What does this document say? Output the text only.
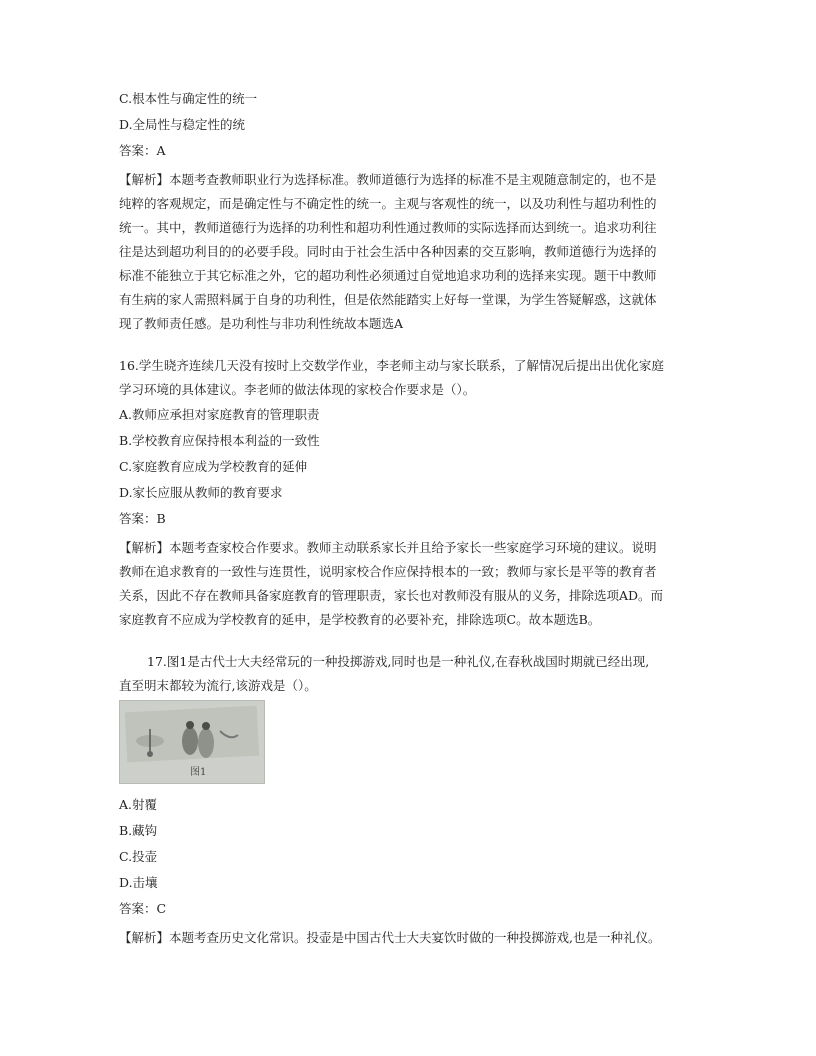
C.根本性与确定性的统一

D.全局性与稳定性的统

答案：A

【解析】本题考查教师职业行为选择标准。教师道德行为选择的标准不是主观随意制定的，也不是

纯粹的客观规定，而是确定性与不确定性的统一。主观与客观性的统一，以及功利性与超功利性的

统一。其中，教师道德行为选择的功利性和超功利性通过教师的实际选择而达到统一。追求功利往

往是达到超功利目的的必要手段。同时由于社会生活中各种因素的交互影响，教师道德行为选择的

标准不能独立于其它标准之外，它的超功利性必须通过自觉地追求功利的选择来实现。题干中教师

有生病的家人需照料属于自身的功利性，但是依然能踏实上好每一堂课，为学生答疑解惑，这就体

现了教师责任感。是功利性与非功利性统故本题选A

16.学生晓齐连续几天没有按时上交数学作业，李老师主动与家长联系，了解情况后提出出优化家庭

学习环境的具体建议。李老师的做法体现的家校合作要求是（）。

A.教师应承担对家庭教育的管理职责

B.学校教育应保持根本利益的一致性

C.家庭教育应成为学校教育的延伸

D.家长应服从教师的教育要求

答案：B

【解析】本题考查家校合作要求。教师主动联系家长并且给予家长一些家庭学习环境的建议。说明

教师在追求教育的一致性与连贯性，说明家校合作应保持根本的一致；教师与家长是平等的教育者

关系，因此不存在教师具备家庭教育的管理职责，家长也对教师没有服从的义务，排除选项AD。而

家庭教育不应成为学校教育的延申，是学校教育的必要补充，排除选项C。故本题选B。

17.图1是古代士大夫经常玩的一种投掷游戏,同时也是一种礼仪,在春秋战国时期就已经出现,

直至明末都较为流行,该游戏是（）。

图1

A.射覆

B.藏钩

C.投壶

D.击壤

答案：C

【解析】本题考查历史文化常识。投壶是中国古代士大夫宴饮时做的一种投掷游戏,也是一种礼仪。
